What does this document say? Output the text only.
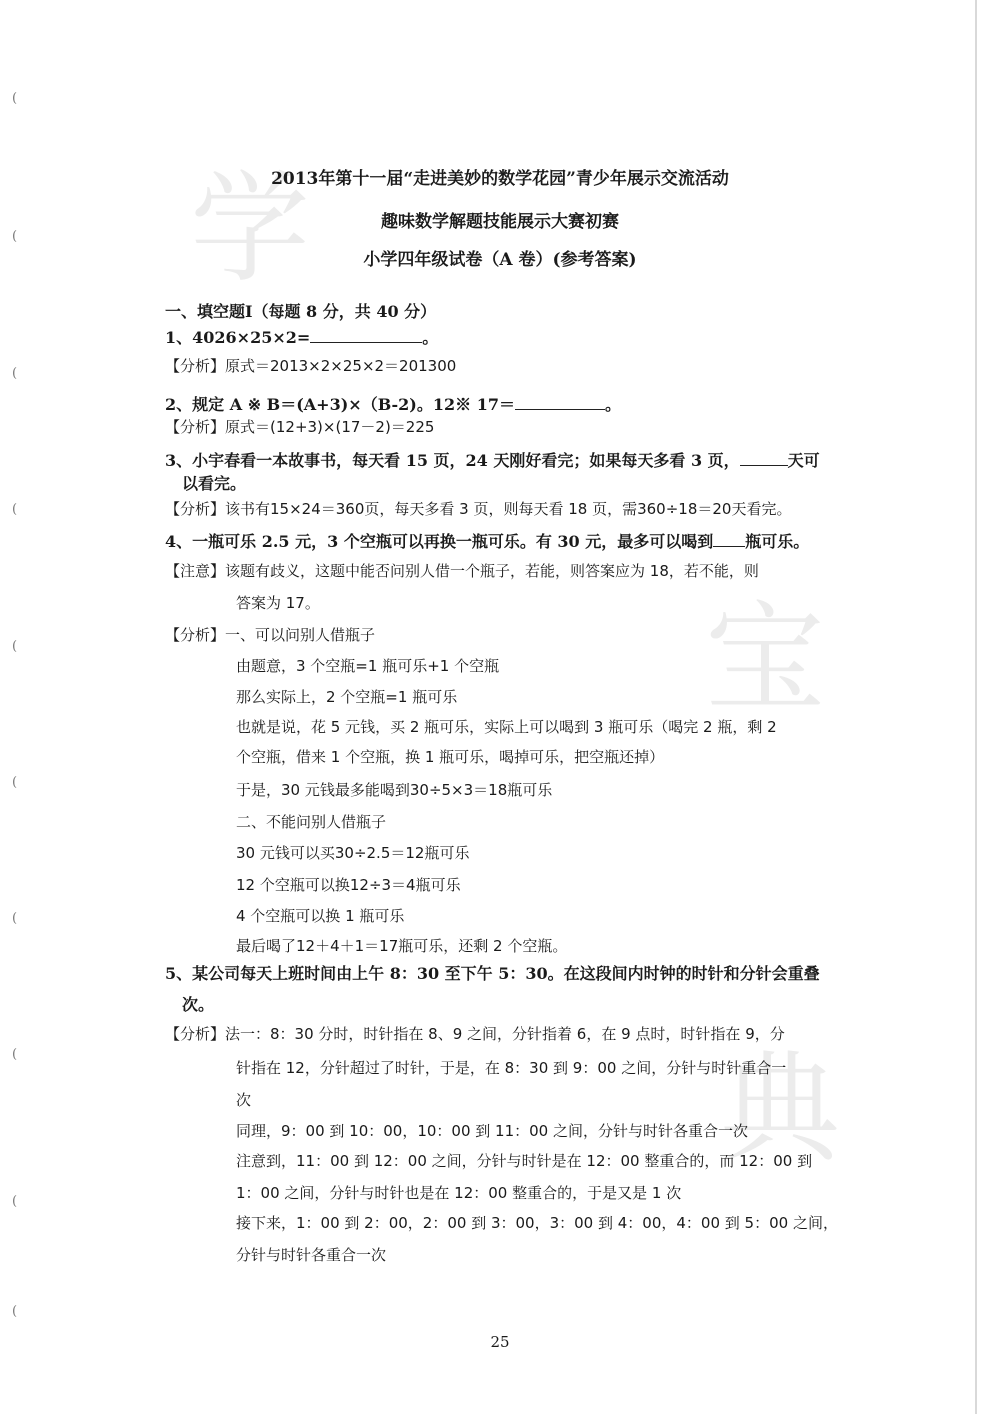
(
(
(
(
(
(
(
(
(
(
学
宝
典
2013年第十一届“走进美妙的数学花园”青少年展示交流活动
趣味数学解题技能展示大赛初赛
小学四年级试卷（A 卷）(参考答案)
一、填空题Ⅰ（每题 8 分，共 40 分）
1、4026×25×2=	。
【分析】原式＝2013×2×25×2＝201300
2、规定 A ※ B＝(A+3)×（B-2)。12※ 17＝	。
【分析】原式＝(12+3)×(17－2)＝225
3、小宇春看一本故事书，每天看 15 页，24 天刚好看完；如果每天多看 3 页，	天可
以看完。
【分析】该书有15×24＝360页，每天多看 3 页，则每天看 18 页，需360÷18＝20天看完。
4、一瓶可乐 2.5 元，3 个空瓶可以再换一瓶可乐。有 30 元，最多可以喝到 瓶可乐。
【注意】该题有歧义，这题中能否问别人借一个瓶子，若能，则答案应为 18，若不能，则
答案为 17。
【分析】一、可以问别人借瓶子
由题意，3 个空瓶=1 瓶可乐+1 个空瓶
那么实际上，2 个空瓶=1 瓶可乐
也就是说，花 5 元钱，买 2 瓶可乐，实际上可以喝到 3 瓶可乐（喝完 2 瓶，剩 2
个空瓶，借来 1 个空瓶，换 1 瓶可乐，喝掉可乐，把空瓶还掉）
于是，30 元钱最多能喝到30÷5×3＝18瓶可乐
二、不能问别人借瓶子
30 元钱可以买30÷2.5＝12瓶可乐
12 个空瓶可以换12÷3＝4瓶可乐
4 个空瓶可以换 1 瓶可乐
最后喝了12＋4＋1＝17瓶可乐，还剩 2 个空瓶。
5、某公司每天上班时间由上午 8：30 至下午 5：30。在这段间内时钟的时针和分针会重叠
次。
【分析】法一：8：30 分时，时针指在 8、9 之间，分针指着 6，在 9 点时，时针指在 9，分
针指在 12，分针超过了时针，于是，在 8：30 到 9：00 之间，分针与时针重合一
次
同理，9：00 到 10：00，10：00 到 11：00 之间，分针与时针各重合一次
注意到，11：00 到 12：00 之间，分针与时针是在 12：00 整重合的，而 12：00 到
1：00 之间，分针与时针也是在 12：00 整重合的，于是又是 1 次
接下来，1：00 到 2：00，2：00 到 3：00，3：00 到 4：00，4：00 到 5：00 之间，
分针与时针各重合一次
25
